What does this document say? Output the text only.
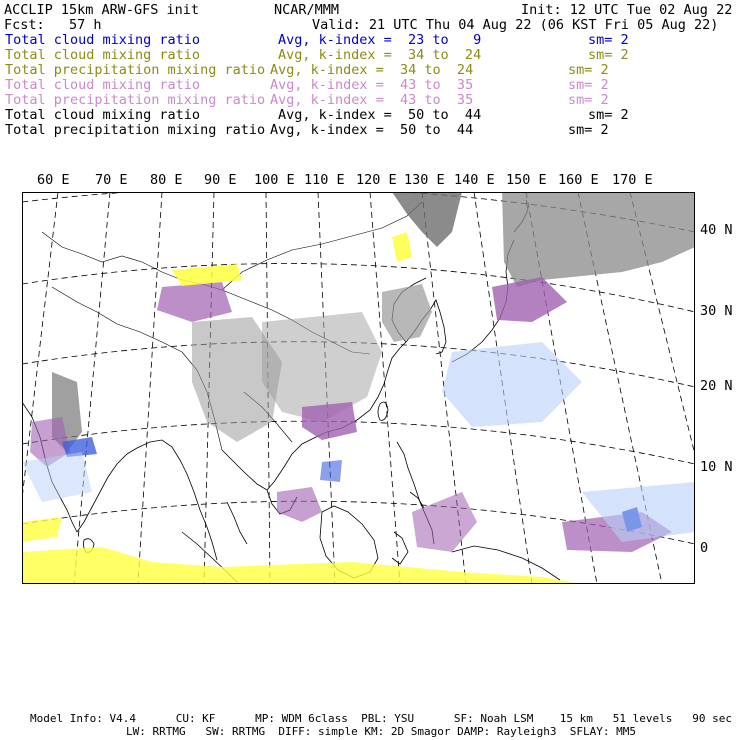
ACCLIP 15km ARW-GFS init	NCAR/MMM	Init: 12 UTC Tue 02 Aug 22
Fcst:   57 h	Valid: 21 UTC Thu 04 Aug 22 (06 KST Fri 05 Aug 22)
Total cloud mixing ratio	Avg, k-index =  23 to   9	sm= 2
Total cloud mixing ratio	Avg, k-index =  34 to  24	sm= 2
Total precipitation mixing ratio Avg, k-index =  34 to  24	sm= 2
Total cloud mixing ratio	Avg, k-index =  43 to  35	sm= 2
Total precipitation mixing ratio Avg, k-index =  43 to  35	sm= 2
Total cloud mixing ratio	Avg, k-index =  50 to  44	sm= 2
Total precipitation mixing ratio Avg, k-index =  50 to  44	sm= 2
60 E 70 E 80 E 90 E 100 E 110 E 120 E 130 E 140 E 150 E 160 E 170 E
40 N
30 N
20 N
10 N
0
Model Info: V4.4      CU: KF      MP: WDM 6class  PBL: YSU      SF: Noah LSM    15 km   51 levels   90 sec
LW: RRTMG   SW: RRTMG  DIFF: simple KM: 2D Smagor DAMP: Rayleigh3  SFLAY: MM5
